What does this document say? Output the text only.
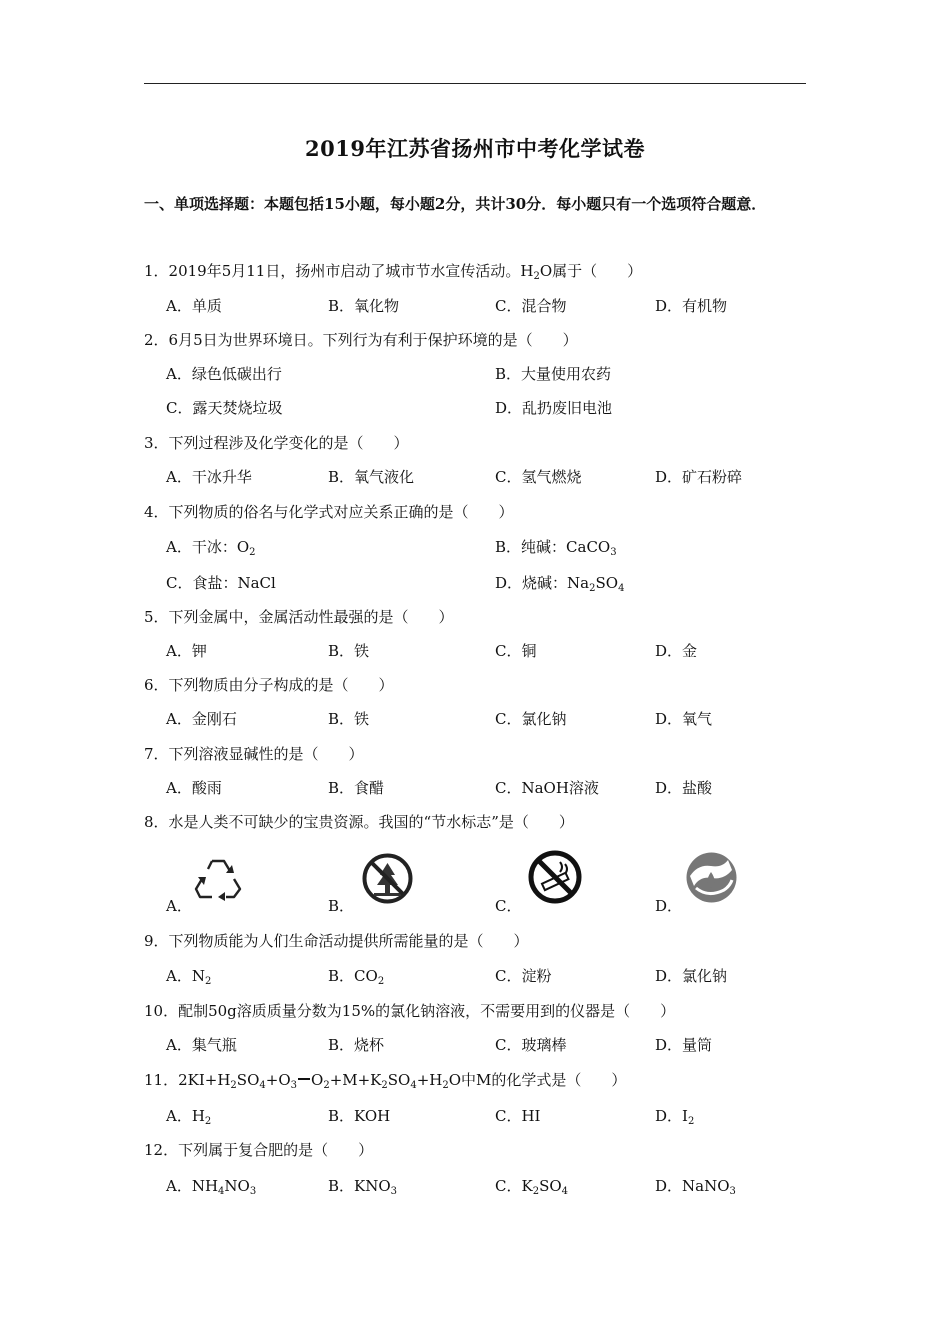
2019年江苏省扬州市中考化学试卷
一、单项选择题：本题包括15小题，每小题2分，共计30分．每小题只有一个选项符合题意．
1．2019年5月11日，扬州市启动了城市节水宣传活动。$H_2O$属于（　　）
A．单质	B．氧化物	C．混合物	D．有机物
2．6月5日为世界环境日。下列行为有利于保护环境的是（　　）
A．绿色低碳出行	B．大量使用农药
C．露天焚烧垃圾	D．乱扔废旧电池
3．下列过程涉及化学变化的是（　　）
A．干冰升华	B．氧气液化	C．氢气燃烧	D．矿石粉碎
4．下列物质的俗名与化学式对应关系正确的是（　　）
A．干冰：$O_2$	B．纯碱：CaCO$_3$
C．食盐：NaCl	D．烧碱：$Na_2SO_4$
5．下列金属中，金属活动性最强的是（　　）
A．钾	B．铁	C．铜	D．金
6．下列物质由分子构成的是（　　）
A．金刚石	B．铁	C．氯化钠	D．氧气
7．下列溶液显碱性的是（　　）
A．酸雨	B．食醋	C．NaOH溶液	D．盐酸
8．水是人类不可缺少的宝贵资源。我国的“节水标志”是（　　）
A．	B．	C．	D．
9．下列物质能为人们生命活动提供所需能量的是（　　）
A．$N_2$	B．$CO_2$	C．淀粉	D．氯化钠
10．配制50g溶质质量分数为15%的氯化钠溶液，不需要用到的仪器是（　　）
A．集气瓶	B．烧杯	C．玻璃棒	D．量筒
11．$2KI+H_2SO_4+O_3$ $O_2+M+K_2SO_4+H_2O$中M的化学式是（　　）
A．$H_2$	B．KOH	C．HI	D．$I_2$
12．下列属于复合肥的是（　　）
A．$NH_4NO_3$	B．$KNO_3$	C．$K_2SO_4$	D．NaNO$_3$
